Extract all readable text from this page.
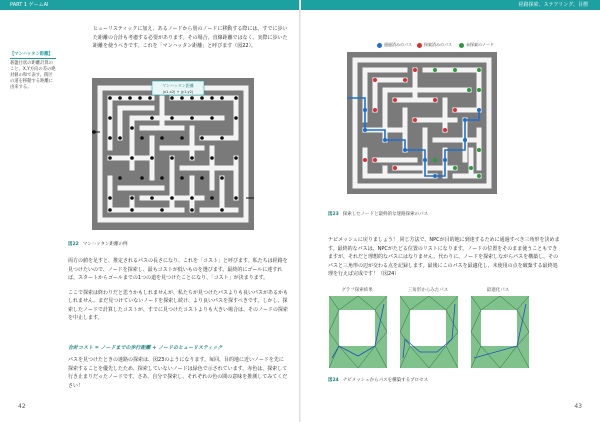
PART 1 ゲームAI	経路探索、ステアリング、目標
【マンハッタン距離】
碁盤目状の距離計算のこと。X,Y方向の差の絶対値の和で表す。街区の道を移動する距離に由来する。

ヒューリスティックに加え、あるノードから別のノードに移動する際には、すでに歩いた距離の合計も考慮する必要があります。その場合、直線距離ではなく、実際に歩いた距離を使うべきです。これを「マンハッタン距離」と呼びます（図22）。

マンハッタン距離
|x1-x2| + |y1-y2|
図22 マンハッタン距離の例

両方の値を足すと、推定されるパスの長さになり、これを「コスト」と呼びます。私たちは経路を見つけたいので、ノードを探索し、最もコストが低いものを選びます。最終的にゴールに達すれば、スタートからゴールまでの1つの道を見つけたことになり、「コスト」が決まります。

ここで探索は終わりだと思うかもしれませんが、私たちが見つけたパスよりも良いパスがあるかもしれません。まだ見つけていないノードを探索し続け、より良いパスを探すべきです。しかし、探索したノードで計算したコストが、すでに見つけたコストよりも大きい場合は、そのノードの探索を中止します。

合計コスト = ノードまでの歩行距離 + ノードのヒューリスティック

パスを見つけたときの迷路の探索は、図23のようになります。毎回、目的地に近いノードを先に探索することを優先したため、探索していないノードは緑色で示されています。赤色は、探索して行き止まりだったノードです。さあ、自分で探索し、それぞれの色の間の意味を推測してみてください！

42
通過済みのパス	探索済みのパス	未探索のノード
図23 探索したノードと最終的な迷路探索のパス

ナビメッシュに戻りましょう！ 同じ方法で、NPCが目的地に到達するために通過すべき三角形を決めます。最終的なパスは、NPCがたどる位置のリストになります。ノードの位置をそのまま使うこともできますが、それだと理想的なパスにはなりません。代わりに、ノードを探索しながらパスを構築し、そのパスと三角形の辺が交わる点を記録します。最後にこのパスを最適化し、未使用の点を破棄する最終処理を行えば完成です！（図24）

グラフ探索結果	三角形からみたパス	最適化パス
図24 ナビメッシュからパスを構築するプロセス
43
